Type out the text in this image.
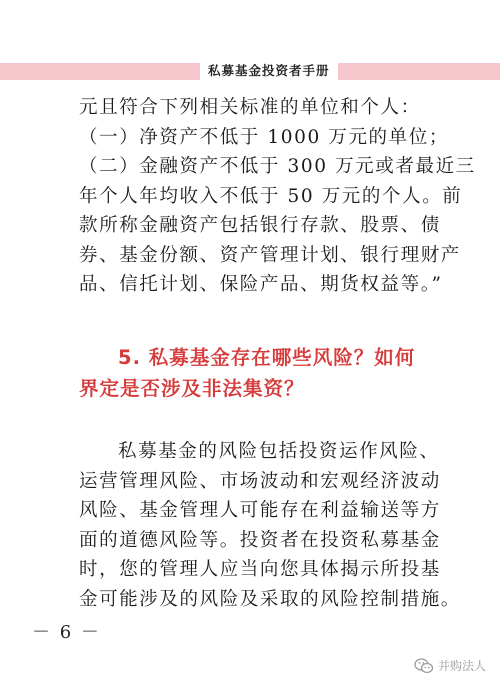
私募基金投资者手册
元且符合下列相关标准的单位和个人：
（一）净资产不低于 1000 万元的单位；
（二）金融资产不低于 300 万元或者最近三
年个人年均收入不低于 50 万元的个人。前
款所称金融资产包括银行存款、股票、债
券、基金份额、资产管理计划、银行理财产
品、信托计划、保险产品、期货权益等。”
5. 私募基金存在哪些风险？如何
界定是否涉及非法集资？
私募基金的风险包括投资运作风险、
运营管理风险、市场波动和宏观经济波动
风险、基金管理人可能存在利益输送等方
面的道德风险等。投资者在投资私募基金
时，您的管理人应当向您具体揭示所投基
金可能涉及的风险及采取的风险控制措施。
－ 6 －
并购法人
